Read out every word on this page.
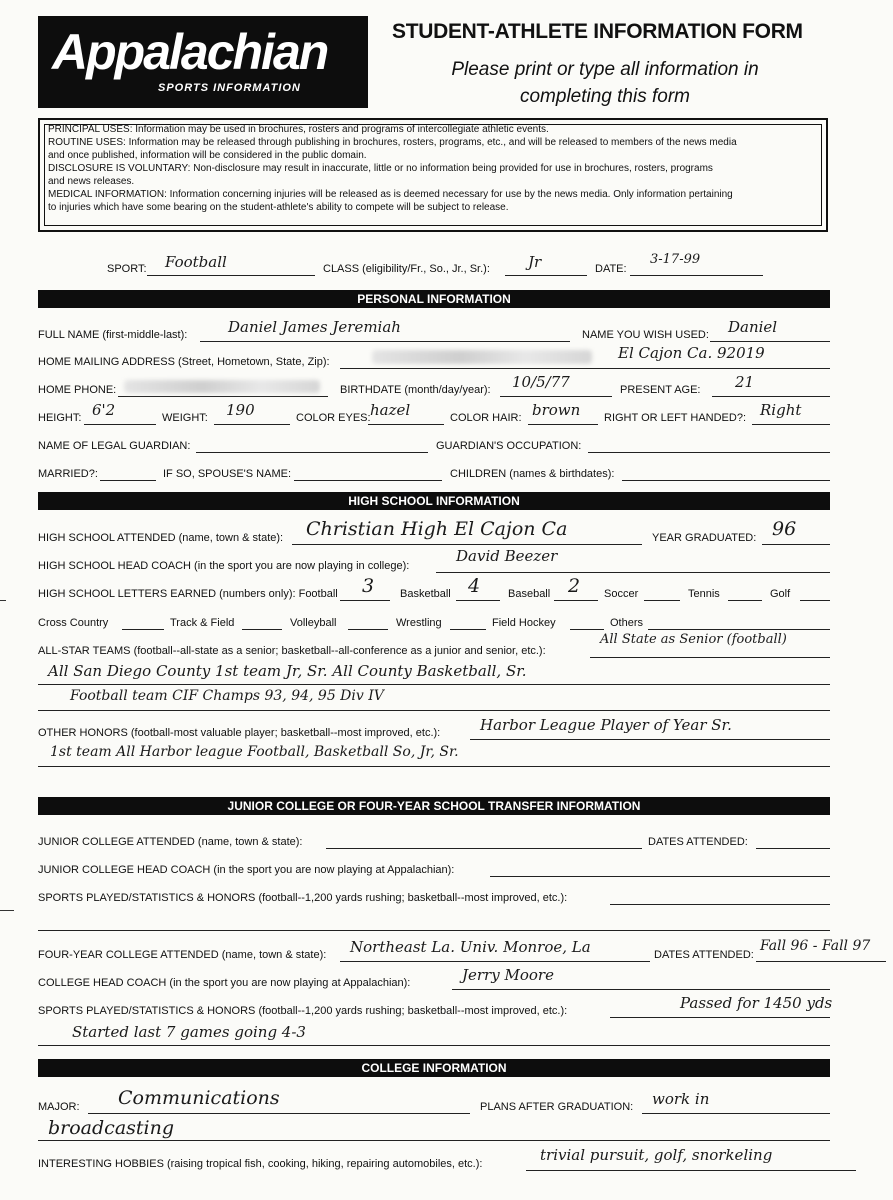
Appalachian
SPORTS INFORMATION
STUDENT-ATHLETE INFORMATION FORM
Please print or type all information in
completing this form

PRINCIPAL USES: Information may be used in brochures, rosters and programs of intercollegiate athletic events.

ROUTINE USES: Information may be released through publishing in brochures, rosters, programs, etc., and will be released to members of the news media

and once published, information will be considered in the public domain.

DISCLOSURE IS VOLUNTARY: Non-disclosure may result in inaccurate, little or no information being provided for use in brochures, rosters, programs

and news releases.

MEDICAL INFORMATION: Information concerning injuries will be released as is deemed necessary for use by the news media. Only information pertaining

to injuries which have some bearing on the student-athlete's ability to compete will be subject to release.

SPORT: Football	CLASS (eligibility/Fr., So., Jr., Sr.):	Jr	DATE:
3-17-99
PERSONAL INFORMATION
FULL NAME (first-middle-last):	Daniel James Jeremiah	NAME YOU WISH USED: Daniel
HOME MAILING ADDRESS (Street, Hometown, State, Zip):	El Cajon Ca. 92019
HOME PHONE:	BIRTHDATE (month/day/year): 10/5/77	PRESENT AGE: 21
HEIGHT: 6'2	WEIGHT: 190	COLOR EYES: hazel	COLOR HAIR: brown RIGHT OR LEFT HANDED?: Right
NAME OF LEGAL GUARDIAN:	GUARDIAN'S OCCUPATION:
MARRIED?:	IF SO, SPOUSE'S NAME:	CHILDREN (names & birthdates):
HIGH SCHOOL INFORMATION
HIGH SCHOOL ATTENDED (name, town & state): Christian High El Cajon Ca	YEAR GRADUATED: 96
HIGH SCHOOL HEAD COACH (in the sport you are now playing in college):
David Beezer
HIGH SCHOOL LETTERS EARNED (numbers only): Football 3 Basketball 4	Baseball 2 Soccer	Tennis	Golf
Cross Country	Track & Field	Volleyball	Wrestling	Field Hockey	Others
ALL-STAR TEAMS (football--all-state as a senior; basketball--all-conference as a junior and senior, etc.):
All State as Senior (football)
All San Diego County 1st team Jr, Sr. All County Basketball, Sr.
Football team CIF Champs 93, 94, 95 Div IV
OTHER HONORS (football-most valuable player; basketball--most improved, etc.):	Harbor League Player of Year Sr.
1st team All Harbor league Football, Basketball So, Jr, Sr.
JUNIOR COLLEGE OR FOUR-YEAR SCHOOL TRANSFER INFORMATION
JUNIOR COLLEGE ATTENDED (name, town & state):	DATES ATTENDED:
JUNIOR COLLEGE HEAD COACH (in the sport you are now playing at Appalachian):
SPORTS PLAYED/STATISTICS & HONORS (football--1,200 yards rushing; basketball--most improved, etc.):
FOUR-YEAR COLLEGE ATTENDED (name, town & state): Northeast La. Univ. Monroe, La	DATES ATTENDED:
Fall 96 - Fall 97
COLLEGE HEAD COACH (in the sport you are now playing at Appalachian):	Jerry Moore
SPORTS PLAYED/STATISTICS & HONORS (football--1,200 yards rushing; basketball--most improved, etc.):	Passed for 1450 yds
Started last 7 games going 4-3
COLLEGE INFORMATION
MAJOR: Communications	PLANS AFTER GRADUATION: work in
broadcasting
INTERESTING HOBBIES (raising tropical fish, cooking, hiking, repairing automobiles, etc.):	trivial pursuit, golf, snorkeling
